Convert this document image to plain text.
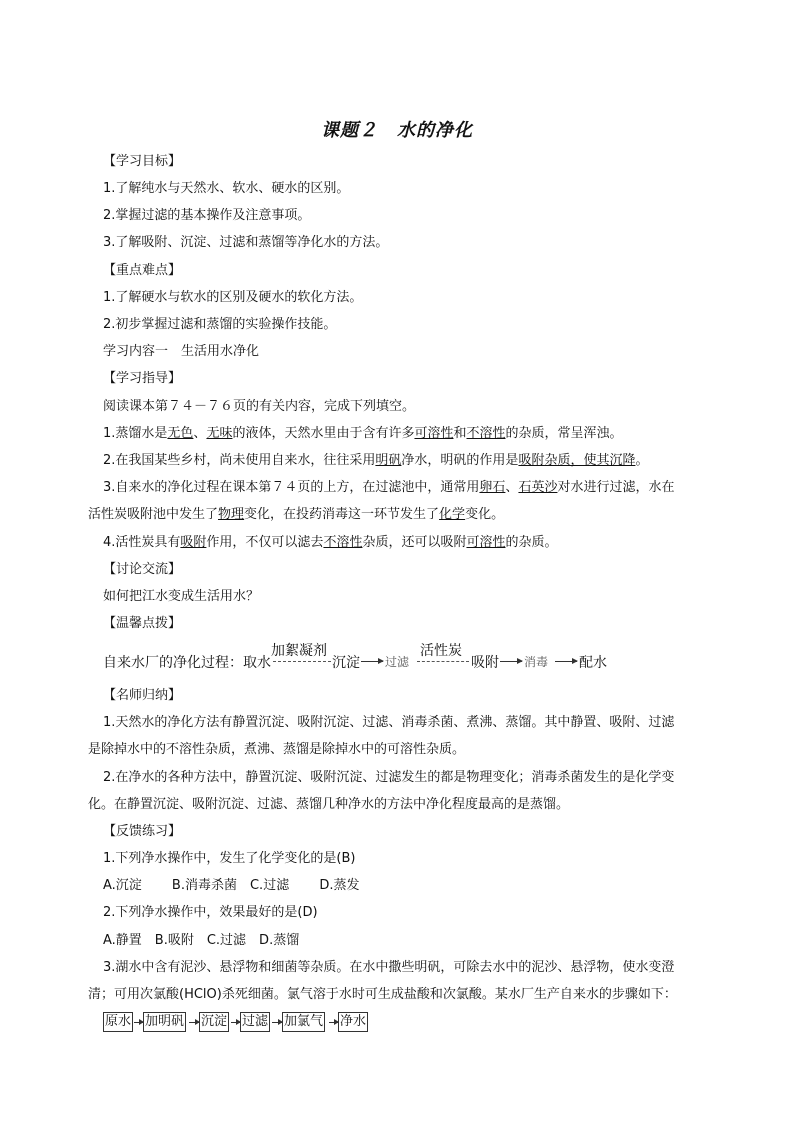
课题２　水的净化
【学习目标】
1.了解纯水与天然水、软水、硬水的区别。
2.掌握过滤的基本操作及注意事项。
3.了解吸附、沉淀、过滤和蒸馏等净化水的方法。
【重点难点】
1.了解硬水与软水的区别及硬水的软化方法。
2.初步掌握过滤和蒸馏的实验操作技能。
学习内容一　生活用水净化
【学习指导】
阅读课本第７４－７６页的有关内容，完成下列填空。
1.蒸馏水是无色、无味的液体，天然水里由于含有许多可溶性和不溶性的杂质，常呈浑浊。
2.在我国某些乡村，尚未使用自来水，往往采用明矾净水，明矾的作用是吸附杂质，使其沉降。
3.自来水的净化过程在课本第７４页的上方，在过滤池中，通常用卵石、石英沙对水进行过滤，水在
活性炭吸附池中发生了物理变化，在投药消毒这一环节发生了化学变化。
4.活性炭具有吸附作用，不仅可以滤去不溶性杂质，还可以吸附可溶性的杂质。
【讨论交流】
如何把江水变成生活用水？
【温馨点拨】
自来水厂的净化过程：取水
加絮凝剂
沉淀 过滤
活性炭
吸附 消毒 配水
【名师归纳】
1.天然水的净化方法有静置沉淀、吸附沉淀、过滤、消毒杀菌、煮沸、蒸馏。其中静置、吸附、过滤
是除掉水中的不溶性杂质，煮沸、蒸馏是除掉水中的可溶性杂质。
2.在净水的各种方法中，静置沉淀、吸附沉淀、过滤发生的都是物理变化；消毒杀菌发生的是化学变
化。在静置沉淀、吸附沉淀、过滤、蒸馏几种净水的方法中净化程度最高的是蒸馏。
【反馈练习】
1.下列净水操作中，发生了化学变化的是(B)
A.沉淀　　 B.消毒杀菌　C.过滤　　 D.蒸发
2.下列净水操作中，效果最好的是(D)
A.静置　B.吸附　C.过滤　D.蒸馏
3.湖水中含有泥沙、悬浮物和细菌等杂质。在水中撒些明矾，可除去水中的泥沙、悬浮物，使水变澄
清；可用次氯酸(HClO)杀死细菌。氯气溶于水时可生成盐酸和次氯酸。某水厂生产自来水的步骤如下：
原水 加明矾 沉淀 过滤 加氯气 净水
